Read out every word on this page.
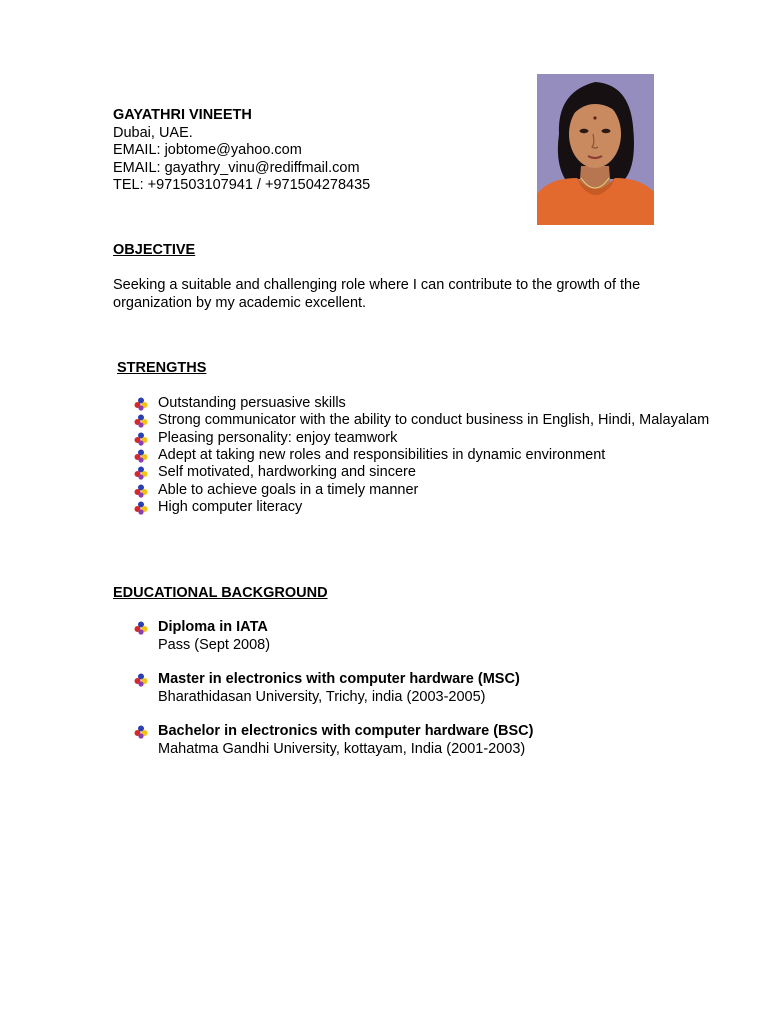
GAYATHRI VINEETH
Dubai, UAE.
EMAIL: jobtome@yahoo.com
EMAIL: gayathry_vinu@rediffmail.com
TEL: +971503107941 / +971504278435
OBJECTIVE
Seeking a suitable and challenging role where I can contribute to the growth of the
organization by my academic excellent.
STRENGTHS
Outstanding persuasive skills
Strong communicator with the ability to conduct business in English, Hindi, Malayalam
Pleasing personality: enjoy teamwork
Adept at taking new roles and responsibilities in dynamic environment
Self motivated, hardworking and sincere
Able to achieve goals in a timely manner
High computer literacy
EDUCATIONAL BACKGROUND
Diploma in IATA
Pass (Sept 2008)
Master in electronics with computer hardware (MSC)
Bharathidasan University, Trichy, india (2003-2005)
Bachelor in electronics with computer hardware (BSC)
Mahatma Gandhi University, kottayam, India (2001-2003)
